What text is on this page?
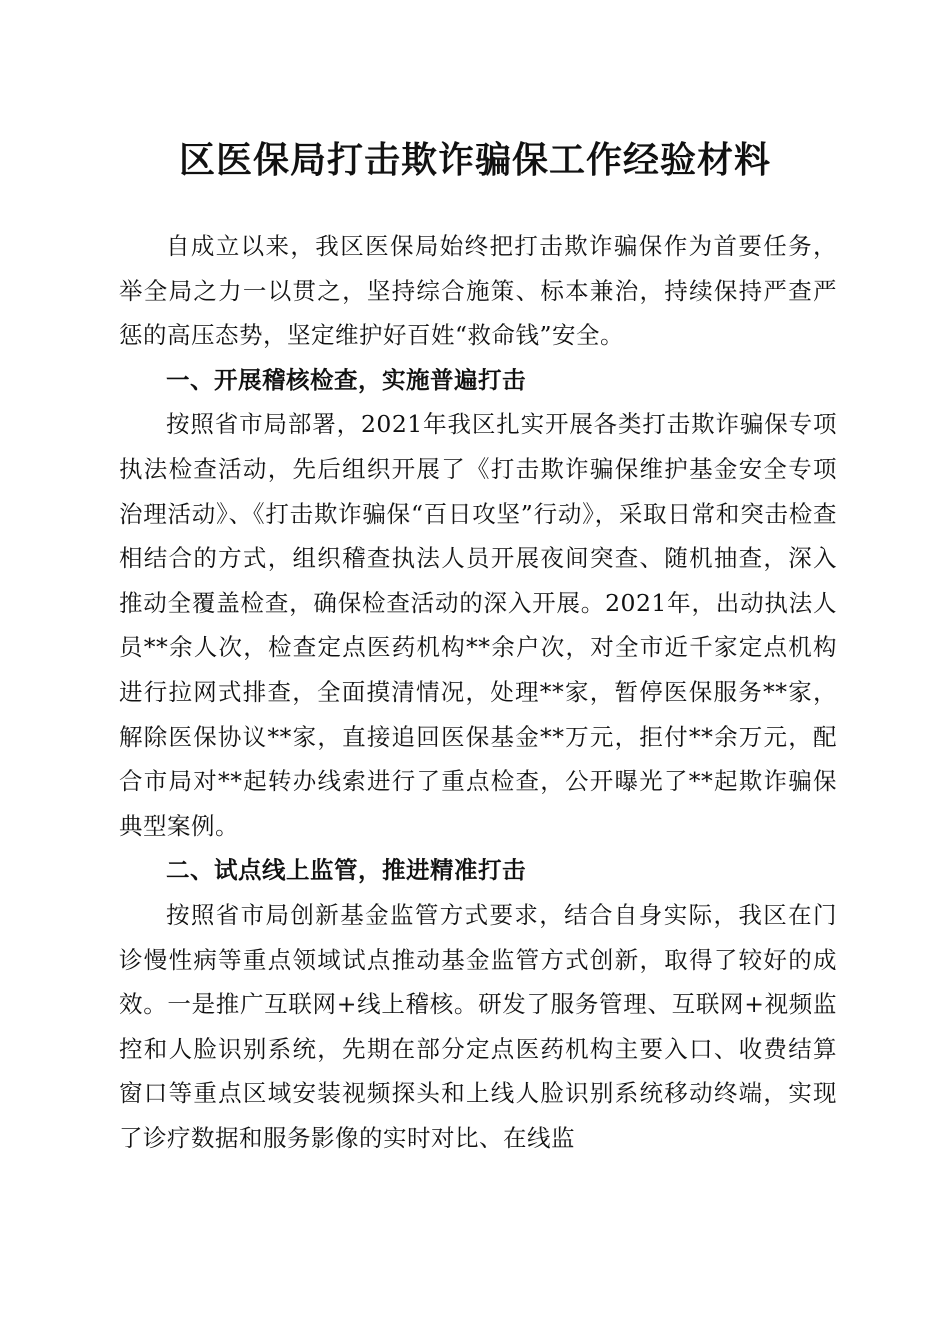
区医保局打击欺诈骗保工作经验材料

自成立以来，我区医保局始终把打击欺诈骗保作为首要任务，举全局之力一以贯之，坚持综合施策、标本兼治，持续保持严查严惩的高压态势，坚定维护好百姓“救命钱”安全。

一、开展稽核检查，实施普遍打击

按照省市局部署，2021年我区扎实开展各类打击欺诈骗保专项执法检查活动，先后组织开展了《打击欺诈骗保维护基金安全专项治理活动》、《打击欺诈骗保“百日攻坚”行动》，采取日常和突击检查相结合的方式，组织稽查执法人员开展夜间突查、随机抽查，深入推动全覆盖检查，确保检查活动的深入开展。2021年，出动执法人员**余人次，检查定点医药机构**余户次，对全市近千家定点机构进行拉网式排查，全面摸清情况，处理**家，暂停医保服务**家，解除医保协议**家，直接追回医保基金**万元，拒付**余万元，配合市局对**起转办线索进行了重点检查，公开曝光了**起欺诈骗保典型案例。

二、试点线上监管，推进精准打击

按照省市局创新基金监管方式要求，结合自身实际，我区在门诊慢性病等重点领域试点推动基金监管方式创新，取得了较好的成效。一是推广互联网+线上稽核。研发了服务管理、互联网+视频监控和人脸识别系统，先期在部分定点医药机构主要入口、收费结算窗口等重点区域安装视频探头和上线人脸识别系统移动终端，实现了诊疗数据和服务影像的实时对比、在线监
